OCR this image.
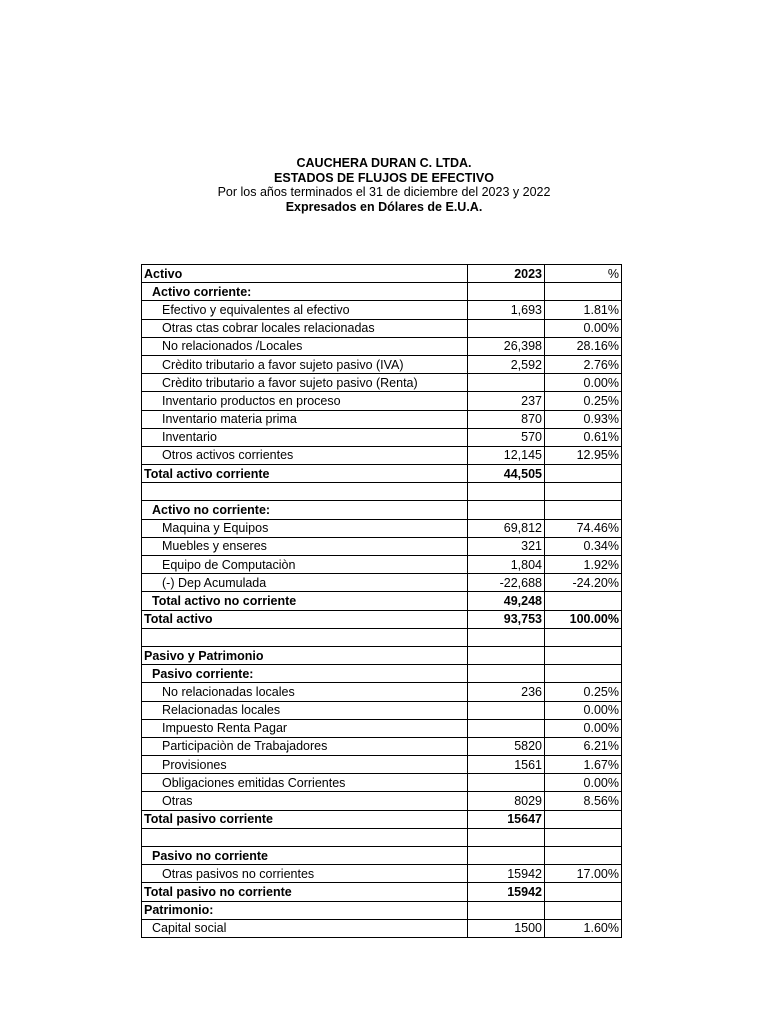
CAUCHERA DURAN C. LTDA.
ESTADOS DE FLUJOS DE EFECTIVO
Por los años terminados el 31 de diciembre del 2023 y 2022
Expresados en Dólares de E.U.A.
Activo	2023	%
Activo corriente:		
Efectivo y equivalentes al efectivo	1,693	1.81%
Otras ctas cobrar locales relacionadas		0.00%
No relacionados /Locales	26,398	28.16%
Crèdito tributario a favor sujeto pasivo (IVA)	2,592	2.76%
Crèdito tributario a favor sujeto pasivo (Renta)		0.00%
Inventario productos en proceso	237	0.25%
Inventario materia prima	870	0.93%
Inventario	570	0.61%
Otros activos corrientes	12,145	12.95%
Total activo corriente	44,505	

Activo no corriente:		
Maquina y Equipos	69,812	74.46%
Muebles y enseres	321	0.34%
Equipo de Computaciòn	1,804	1.92%
(-) Dep Acumulada	-22,688	-24.20%
Total activo no corriente	49,248	
Total activo	93,753	100.00%

Pasivo y Patrimonio		
Pasivo corriente:		
No relacionadas locales	236	0.25%
Relacionadas locales		0.00%
Impuesto Renta Pagar		0.00%
Participaciòn de Trabajadores	5820	6.21%
Provisiones	1561	1.67%
Obligaciones emitidas Corrientes		0.00%
Otras	8029	8.56%
Total pasivo corriente	15647	

Pasivo no corriente		
Otras pasivos no corrientes	15942	17.00%
Total pasivo no corriente	15942	
Patrimonio:		
Capital social	1500	1.60%
